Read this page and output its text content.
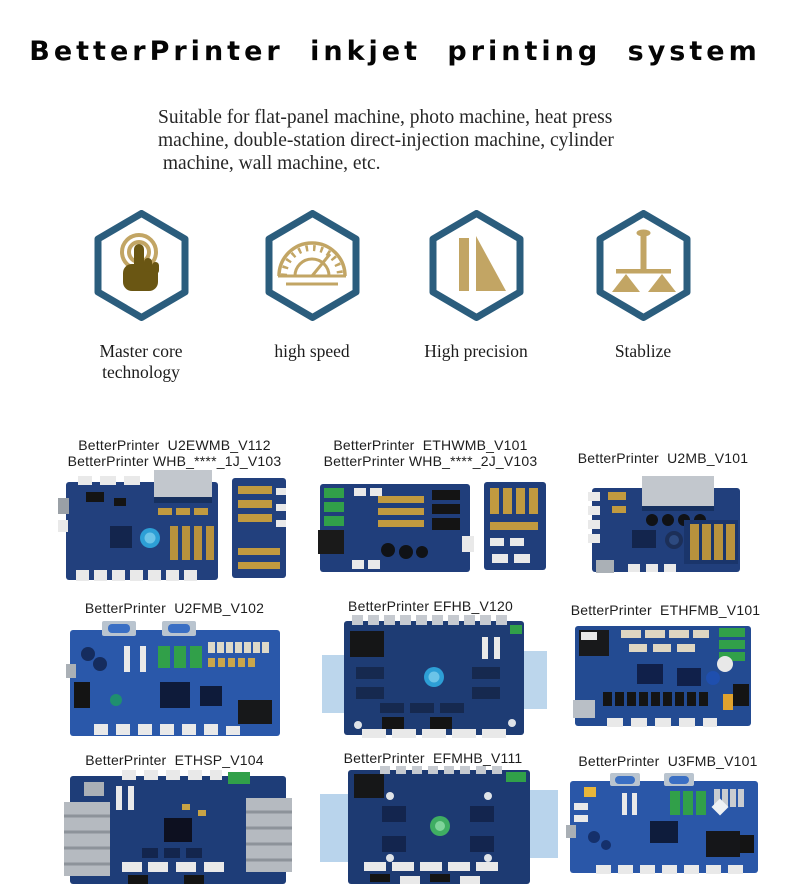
BetterPrinter inkjet printing system

Suitable for flat-panel machine, photo machine, heat press
machine, double-station direct-injection machine, cylinder
machine, wall machine, etc.

Master core
technology
high speed	High precision	Stablize

BetterPrinter  U2EWMB_V112
BetterPrinter WHB_****_1J_V103

BetterPrinter  ETHWMB_V101
BetterPrinter WHB_****_2J_V103	BetterPrinter  U2MB_V101

BetterPrinter  U2FMB_V102	BetterPrinter EFHB_V120	BetterPrinter  ETHFMB_V101

BetterPrinter  ETHSP_V104	BetterPrinter  EFMHB_V111	BetterPrinter  U3FMB_V101
